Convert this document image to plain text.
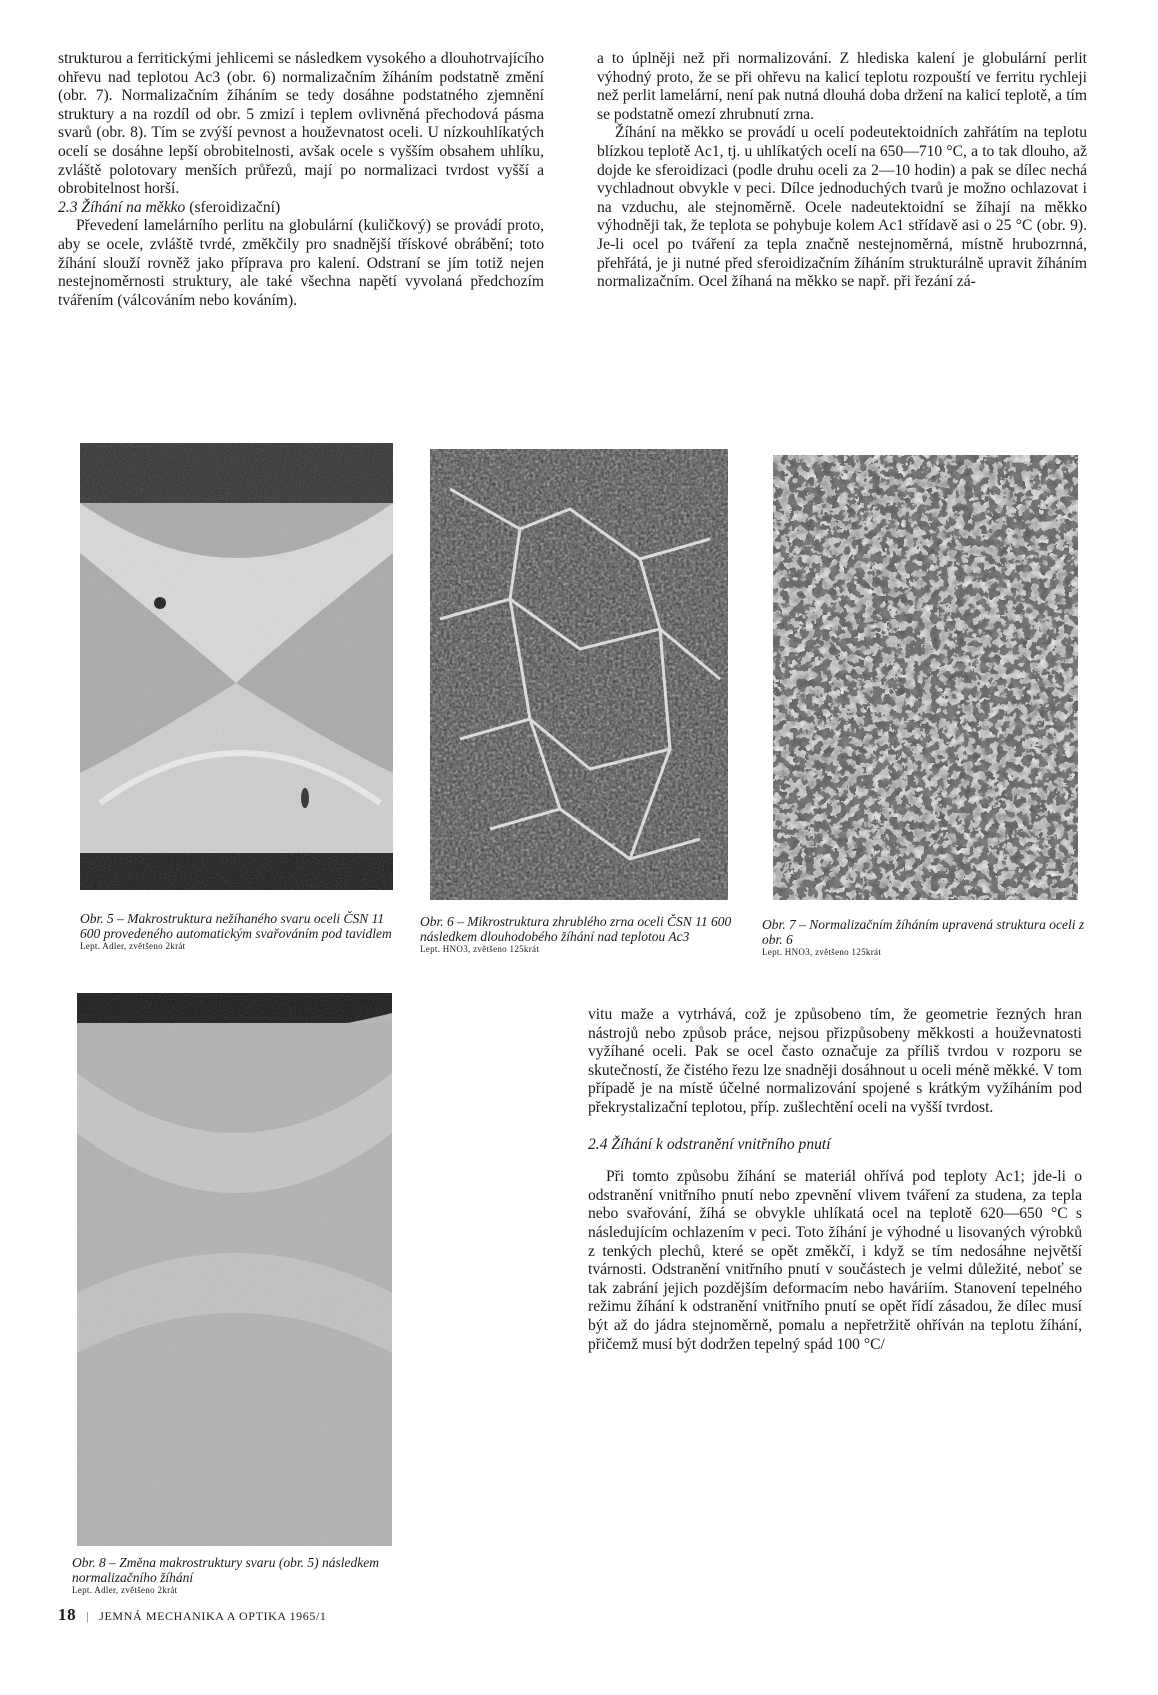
strukturou a ferritickými jehlicemi se následkem vysokého a dlouhotrvajícího ohřevu nad teplotou Ac3 (obr. 6) normalizačním žíháním podstatně změní (obr. 7). Normalizačním žíháním se tedy dosáhne podstatného zjemnění struktury a na rozdíl od obr. 5 zmizí i teplem ovlivněná přechodová pásma svarů (obr. 8). Tím se zvýší pevnost a houževnatost oceli. U nízkouhlíkatých ocelí se dosáhne lepší obrobitelnosti, avšak ocele s vyšším obsahem uhlíku, zvláště polotovary menších průřezů, mají po normalizaci tvrdost vyšší a obrobitelnost horší.

2.3 Žíhání na měkko (sferoidizační)

Převedení lamelárního perlitu na globulární (kuličkový) se provádí proto, aby se ocele, zvláště tvrdé, změkčily pro snadnější třískové obrábění; toto žíhání slouží rovněž jako příprava pro kalení. Odstraní se jím totiž nejen nestejnoměrnosti struktury, ale také všechna napětí vyvolaná předchozím tvářením (válcováním nebo kováním).

a to úplněji než při normalizování. Z hlediska kalení je globulární perlit výhodný proto, že se při ohřevu na kalicí teplotu rozpouští ve ferritu rychleji než perlit lamelární, není pak nutná dlouhá doba držení na kalicí teplotě, a tím se podstatně omezí zhrubnutí zrna.

Žíhání na měkko se provádí u ocelí podeutektoidních zahřátím na teplotu blízkou teplotě Ac1, tj. u uhlíkatých ocelí na 650—710 °C, a to tak dlouho, až dojde ke sferoidizaci (podle druhu oceli za 2—10 hodin) a pak se dílec nechá vychladnout obvykle v peci. Dílce jednoduchých tvarů je možno ochlazovat i na vzduchu, ale stejnoměrně. Ocele nadeutektoidní se žíhají na měkko výhodněji tak, že teplota se pohybuje kolem Ac1 střídavě asi o 25 °C (obr. 9). Je-li ocel po tváření za tepla značně nestejnoměrná, místně hrubozrnná, přehřátá, je ji nutné před sferoidizačním žíháním strukturálně upravit žíháním normalizačním. Ocel žíhaná na měkko se např. při řezání zá-

Obr. 5 – Makrostruktura nežíhaného svaru oceli ČSN 11 600 provedeného automatickým svařováním pod tavidlem
Lept. Adler, zvětšeno 2krát
Obr. 6 – Mikrostruktura zhrublého zrna oceli ČSN 11 600 následkem dlouhodobého žíhání nad teplotou Ac3
Lept. HNO3, zvětšeno 125krát
Obr. 7 – Normalizačním žíháním upravená struktura oceli z obr. 6
Lept. HNO3, zvětšeno 125krát
Obr. 8 – Změna makrostruktury svaru (obr. 5) následkem normalizačního žíhání
Lept. Adler, zvětšeno 2krát

vitu maže a vytrhává, což je způsobeno tím, že geometrie řezných hran nástrojů nebo způsob práce, nejsou přizpůsobeny měkkosti a houževnatosti vyžíhané oceli. Pak se ocel často označuje za příliš tvrdou v rozporu se skutečností, že čistého řezu lze snadněji dosáhnout u oceli méně měkké. V tom případě je na místě účelné normalizování spojené s krátkým vyžíháním pod překrystalizační teplotou, příp. zušlechtění oceli na vyšší tvrdost.

2.4 Žíhání k odstranění vnitřního pnutí

Při tomto způsobu žíhání se materiál ohřívá pod teploty Ac1; jde-li o odstranění vnitřního pnutí nebo zpevnění vlivem tváření za studena, za tepla nebo svařování, žíhá se obvykle uhlíkatá ocel na teplotě 620—650 °C s následujícím ochlazením v peci. Toto žíhání je výhodné u lisovaných výrobků z tenkých plechů, které se opět změkčí, i když se tím nedosáhne největší tvárnosti. Odstranění vnitřního pnutí v součástech je velmi důležité, neboť se tak zabrání jejich pozdějším deformacím nebo haváriím. Stanovení tepelného režimu žíhání k odstranění vnitřního pnutí se opět řídí zásadou, že dílec musí být až do jádra stejnoměrně, pomalu a nepřetržitě ohříván na teplotu žíhání, přičemž musí být dodržen tepelný spád 100 °C/

18 | JEMNÁ MECHANIKA A OPTIKA 1965/1
